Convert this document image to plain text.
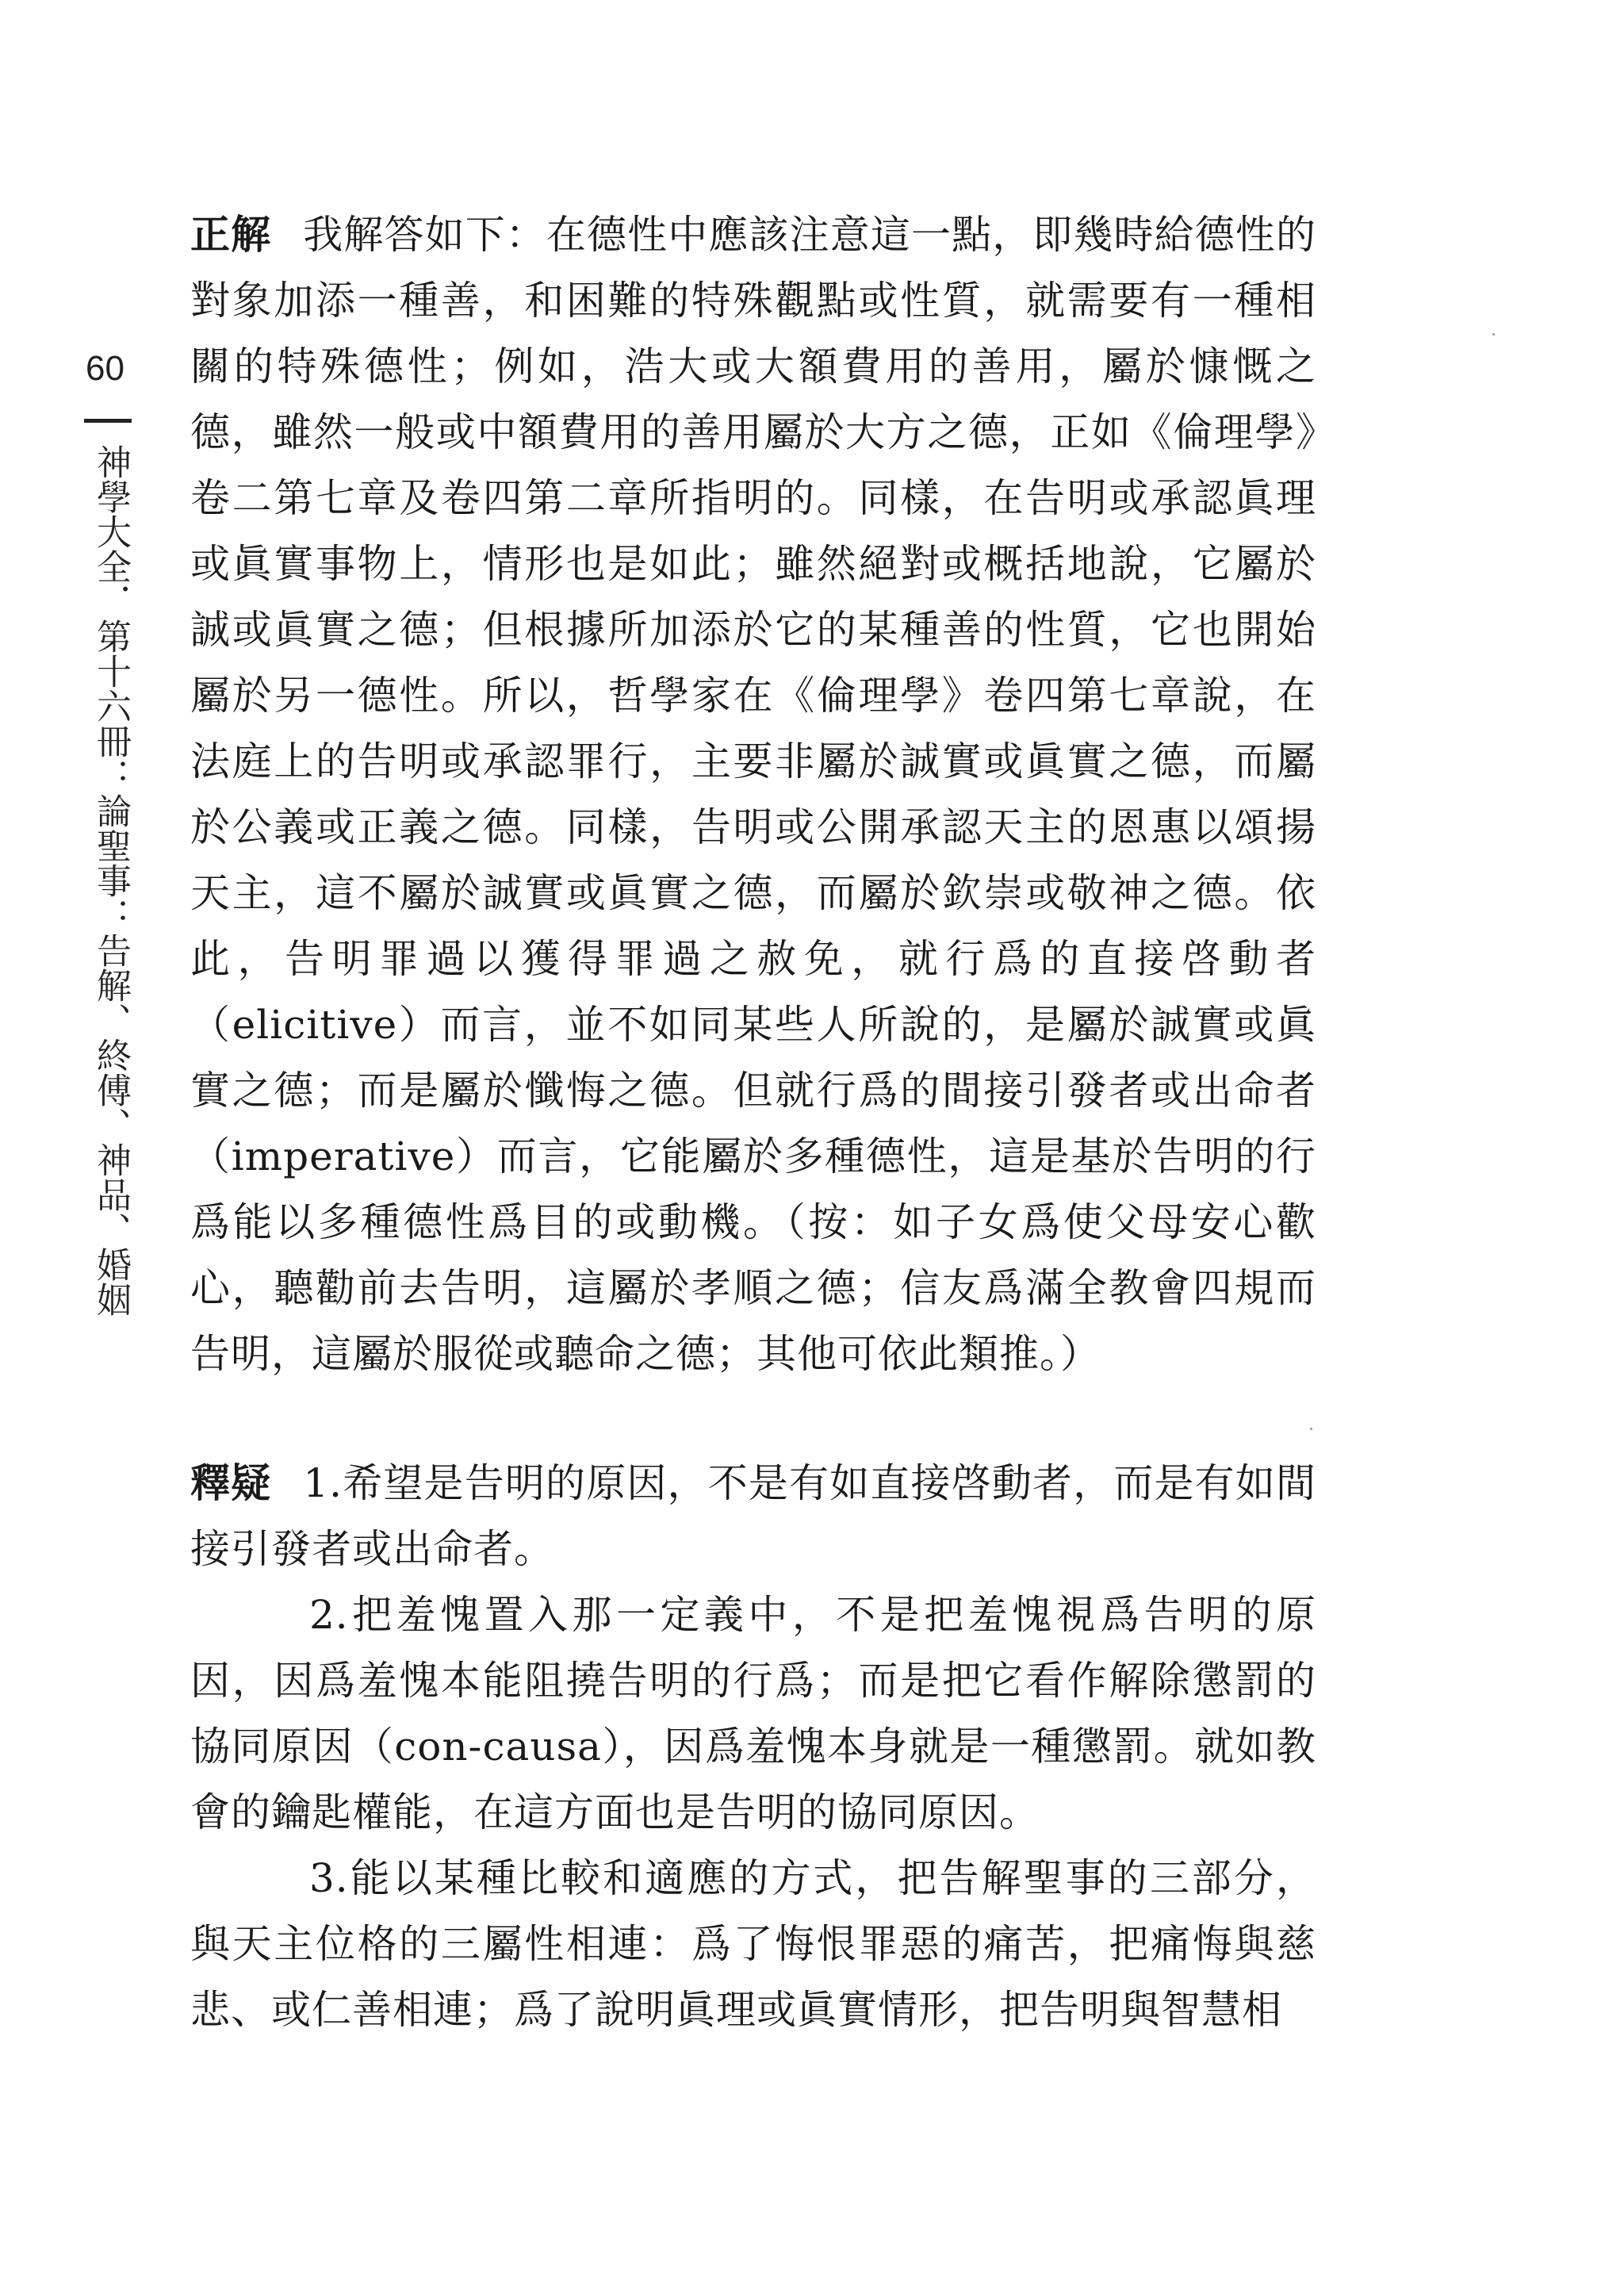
60
神學大全．第十六冊：論聖事：告解、終傅、神品、婚姻

正解 我解答如下：在德性中應該注意這一點，即幾時給德性的對象加添一種善，和困難的特殊觀點或性質，就需要有一種相關的特殊德性；例如，浩大或大額費用的善用，屬於慷慨之德，雖然一般或中額費用的善用屬於大方之德，正如《倫理學》卷二第七章及卷四第二章所指明的。同樣，在告明或承認眞理或眞實事物上，情形也是如此；雖然絕對或概括地說，它屬於誠或眞實之德；但根據所加添於它的某種善的性質，它也開始屬於另一德性。所以，哲學家在《倫理學》卷四第七章說，在法庭上的告明或承認罪行，主要非屬於誠實或眞實之德，而屬於公義或正義之德。同樣，告明或公開承認天主的恩惠以頌揚天主，這不屬於誠實或眞實之德，而屬於欽崇或敬神之德。依此，告明罪過以獲得罪過之赦免，就行爲的直接啓動者（elicitive）而言，並不如同某些人所說的，是屬於誠實或眞實之德；而是屬於懺悔之德。但就行爲的間接引發者或出命者（imperative）而言，它能屬於多種德性，這是基於告明的行爲能以多種德性爲目的或動機。（按：如子女爲使父母安心歡心，聽勸前去告明，這屬於孝順之德；信友爲滿全教會四規而告明，這屬於服從或聽命之德；其他可依此類推。）

釋疑 1.希望是告明的原因，不是有如直接啓動者，而是有如間接引發者或出命者。

2.把羞愧置入那一定義中，不是把羞愧視爲告明的原因，因爲羞愧本能阻撓告明的行爲；而是把它看作解除懲罰的協同原因（con-causa），因爲羞愧本身就是一種懲罰。就如教會的鑰匙權能，在這方面也是告明的協同原因。

3.能以某種比較和適應的方式，把告解聖事的三部分，與天主位格的三屬性相連：爲了悔恨罪惡的痛苦，把痛悔與慈悲、或仁善相連；爲了說明眞理或眞實情形，把告明與智慧相
